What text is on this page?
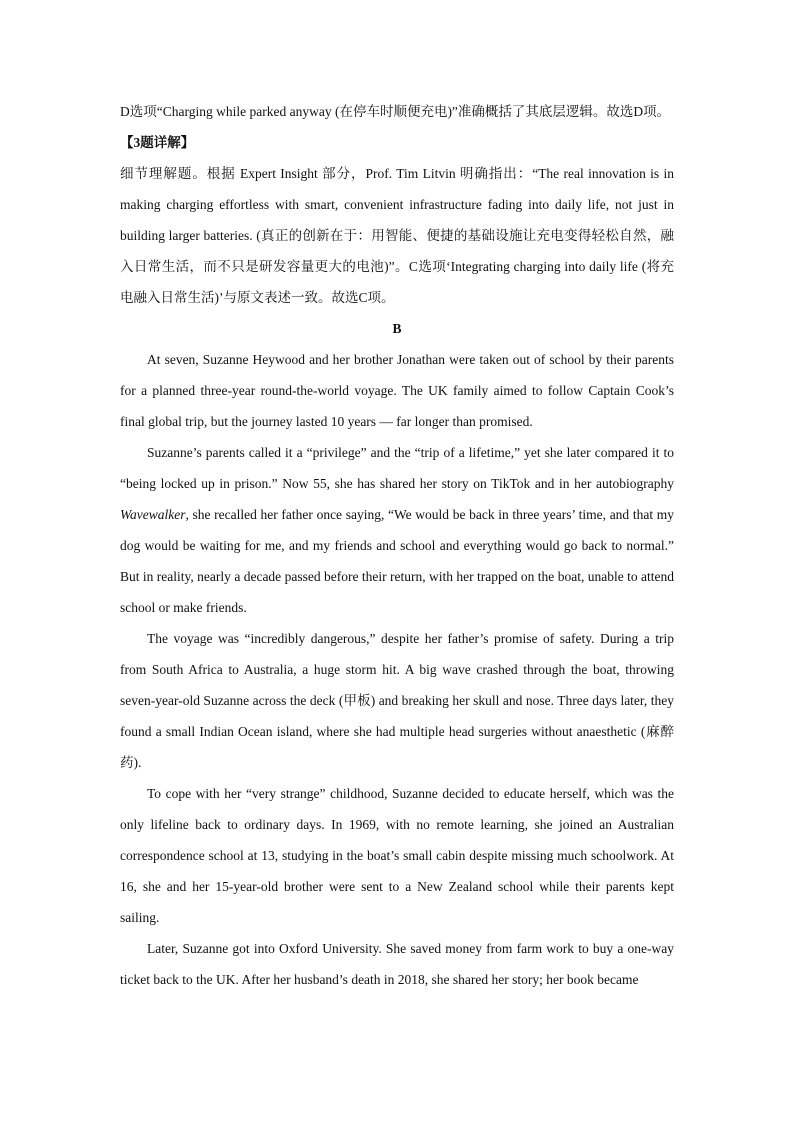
D选项“Charging while parked anyway (在停车时顺便充电)”准确概括了其底层逻辑。故选D项。

【3题详解】

细节理解题。根据 Expert Insight 部分，Prof. Tim Litvin 明确指出：“The real innovation is in making charging effortless with smart, convenient infrastructure fading into daily life, not just in building larger batteries. (真正的创新在于：用智能、便捷的基础设施让充电变得轻松自然，融入日常生活，而不只是研发容量更大的电池)”。C选项‘Integrating charging into daily life (将充电融入日常生活)’与原文表述一致。故选C项。

B

At seven, Suzanne Heywood and her brother Jonathan were taken out of school by their parents for a planned three-year round-the-world voyage. The UK family aimed to follow Captain Cook’s final global trip, but the journey lasted 10 years — far longer than promised.

Suzanne’s parents called it a “privilege” and the “trip of a lifetime,” yet she later compared it to “being locked up in prison.” Now 55, she has shared her story on TikTok and in her autobiography Wavewalker, she recalled her father once saying, “We would be back in three years’ time, and that my dog would be waiting for me, and my friends and school and everything would go back to normal.” But in reality, nearly a decade passed before their return, with her trapped on the boat, unable to attend school or make friends.

The voyage was “incredibly dangerous,” despite her father’s promise of safety. During a trip from South Africa to Australia, a huge storm hit. A big wave crashed through the boat, throwing seven-year-old Suzanne across the deck (甲板) and breaking her skull and nose. Three days later, they found a small Indian Ocean island, where she had multiple head surgeries without anaesthetic (麻醉药).

To cope with her “very strange” childhood, Suzanne decided to educate herself, which was the only lifeline back to ordinary days. In 1969, with no remote learning, she joined an Australian correspondence school at 13, studying in the boat’s small cabin despite missing much schoolwork. At 16, she and her 15-year-old brother were sent to a New Zealand school while their parents kept sailing.

Later, Suzanne got into Oxford University. She saved money from farm work to buy a one-way ticket back to the UK. After her husband’s death in 2018, she shared her story; her book became
